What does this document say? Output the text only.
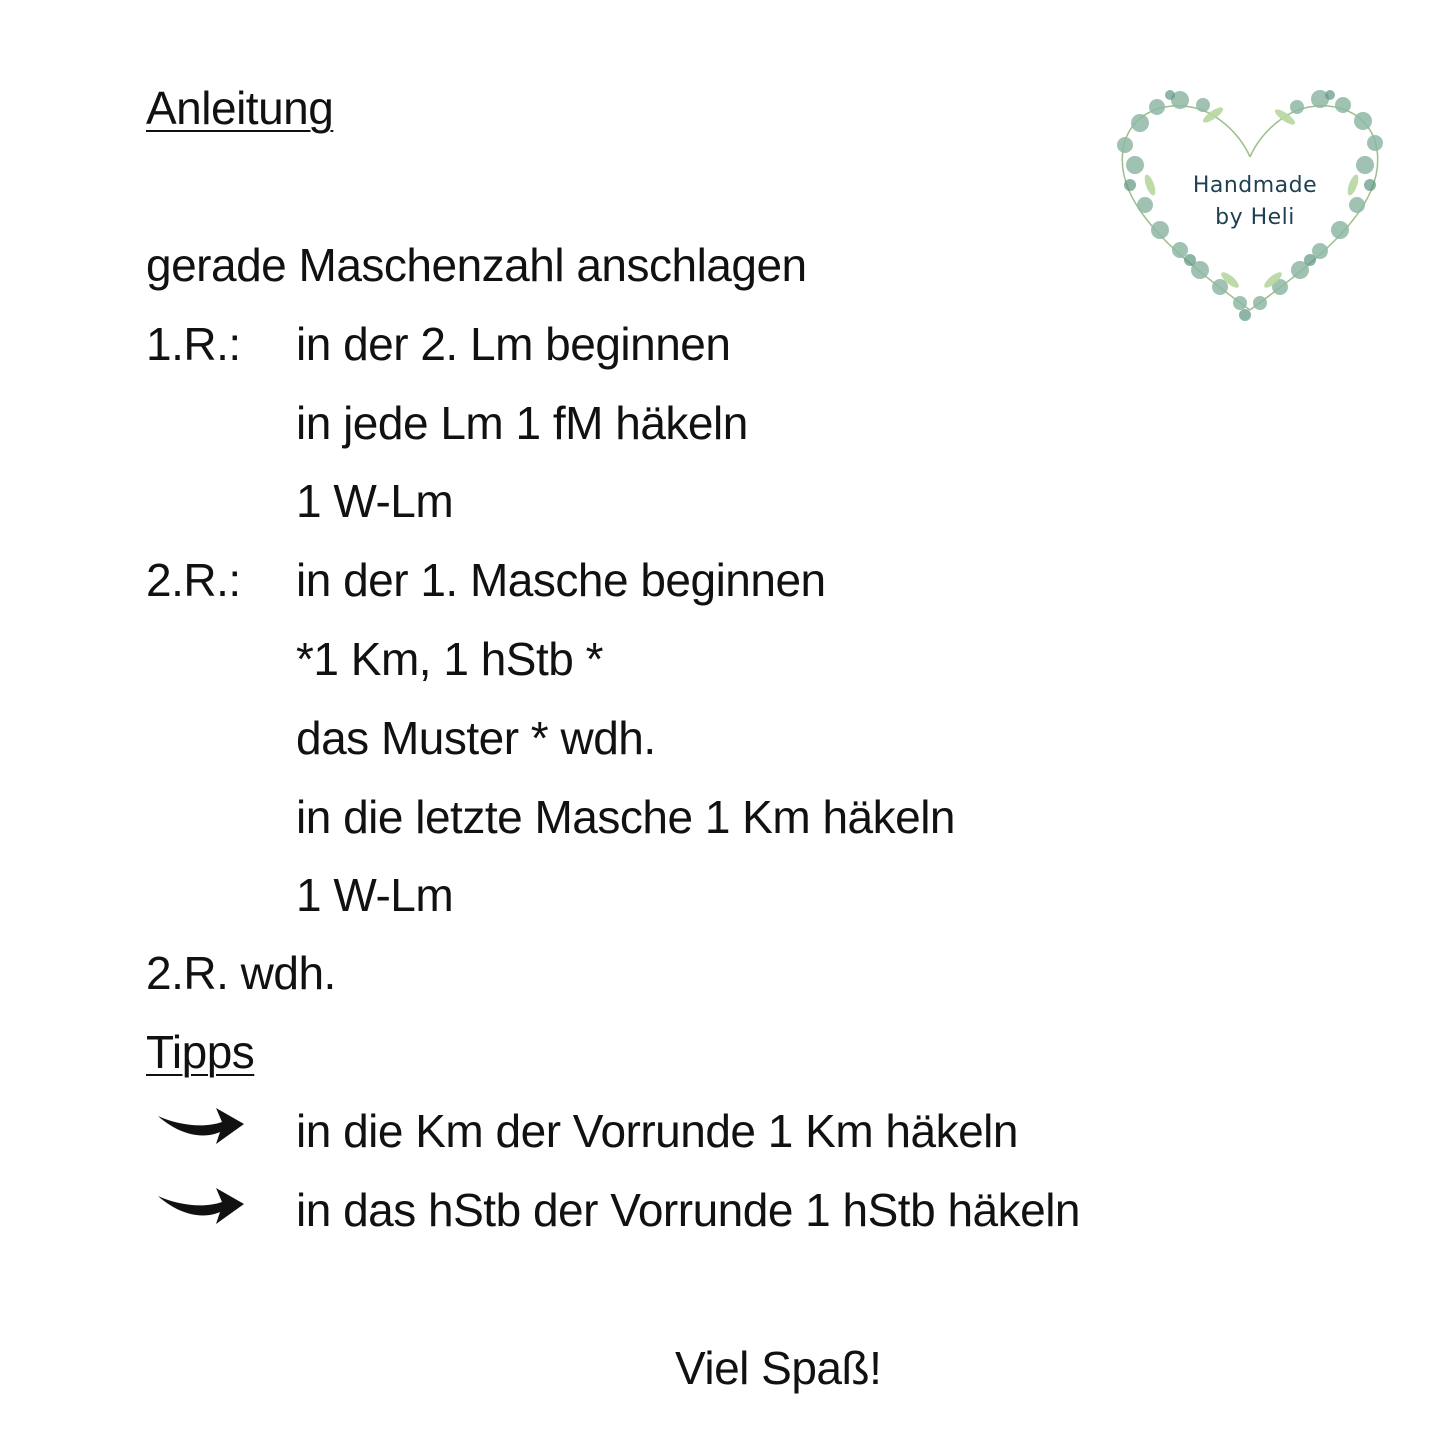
Anleitung
gerade Maschenzahl anschlagen
1.R.: in der 2. Lm beginnen
in jede Lm 1 fM häkeln
1 W-Lm
2.R.: in der 1. Masche beginnen
*1 Km, 1 hStb *
das Muster * wdh.
in die letzte Masche 1 Km häkeln
1 W-Lm
2.R. wdh.
Tipps
in die Km der Vorrunde 1 Km häkeln
in das hStb der Vorrunde 1 hStb häkeln
Viel Spaß!
Handmade
by Heli
